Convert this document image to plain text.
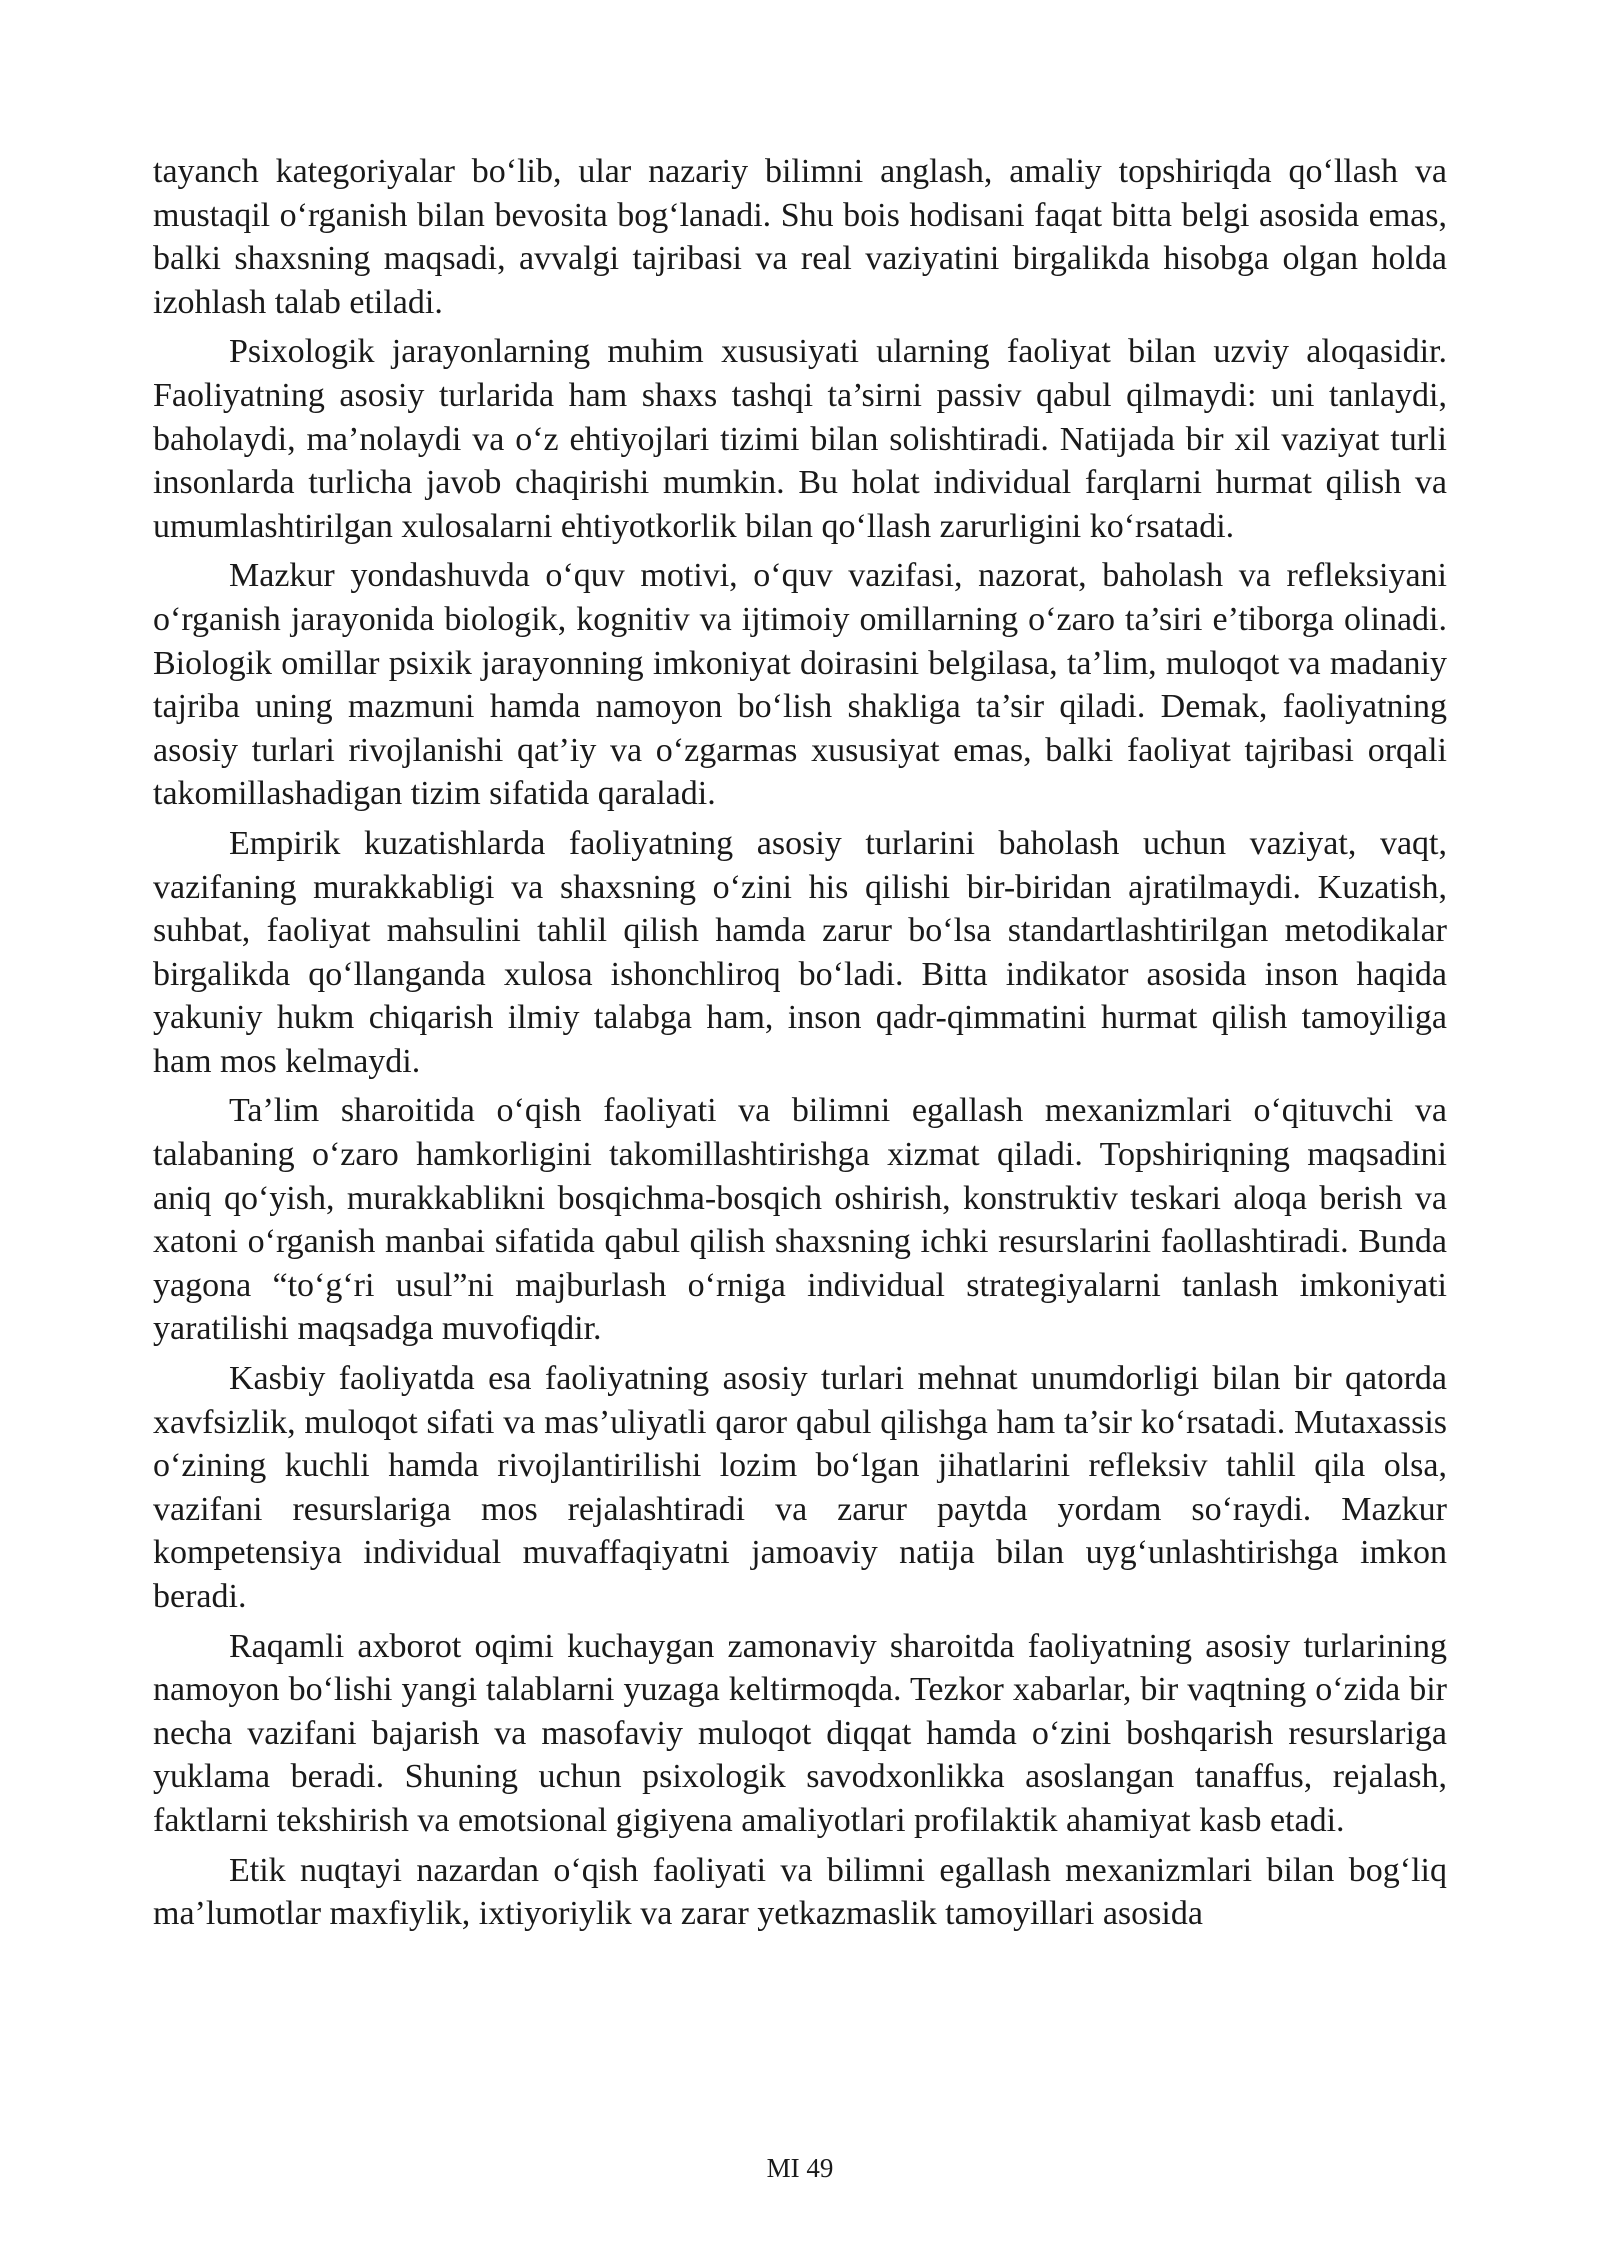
tayanch kategoriyalar bo‘lib, ular nazariy bilimni anglash, amaliy topshiriqda qo‘llash va mustaqil o‘rganish bilan bevosita bog‘lanadi. Shu bois hodisani faqat bitta belgi asosida emas, balki shaxsning maqsadi, avvalgi tajribasi va real vaziyatini birgalikda hisobga olgan holda izohlash talab etiladi.

Psixologik jarayonlarning muhim xususiyati ularning faoliyat bilan uzviy aloqasidir. Faoliyatning asosiy turlarida ham shaxs tashqi ta’sirni passiv qabul qilmaydi: uni tanlaydi, baholaydi, ma’nolaydi va o‘z ehtiyojlari tizimi bilan solishtiradi. Natijada bir xil vaziyat turli insonlarda turlicha javob chaqirishi mumkin. Bu holat individual farqlarni hurmat qilish va umumlashtirilgan xulosalarni ehtiyotkorlik bilan qo‘llash zarurligini ko‘rsatadi.

Mazkur yondashuvda o‘quv motivi, o‘quv vazifasi, nazorat, baholash va refleksiyani o‘rganish jarayonida biologik, kognitiv va ijtimoiy omillarning o‘zaro ta’siri e’tiborga olinadi. Biologik omillar psixik jarayonning imkoniyat doirasini belgilasa, ta’lim, muloqot va madaniy tajriba uning mazmuni hamda namoyon bo‘lish shakliga ta’sir qiladi. Demak, faoliyatning asosiy turlari rivojlanishi qat’iy va o‘zgarmas xususiyat emas, balki faoliyat tajribasi orqali takomillashadigan tizim sifatida qaraladi.

Empirik kuzatishlarda faoliyatning asosiy turlarini baholash uchun vaziyat, vaqt, vazifaning murakkabligi va shaxsning o‘zini his qilishi bir-biridan ajratilmaydi. Kuzatish, suhbat, faoliyat mahsulini tahlil qilish hamda zarur bo‘lsa standartlashtirilgan metodikalar birgalikda qo‘llanganda xulosa ishonchliroq bo‘ladi. Bitta indikator asosida inson haqida yakuniy hukm chiqarish ilmiy talabga ham, inson qadr-qimmatini hurmat qilish tamoyiliga ham mos kelmaydi.

Ta’lim sharoitida o‘qish faoliyati va bilimni egallash mexanizmlari o‘qituvchi va talabaning o‘zaro hamkorligini takomillashtirishga xizmat qiladi. Topshiriqning maqsadini aniq qo‘yish, murakkablikni bosqichma-bosqich oshirish, konstruktiv teskari aloqa berish va xatoni o‘rganish manbai sifatida qabul qilish shaxsning ichki resurslarini faollashtiradi. Bunda yagona “to‘g‘ri usul”ni majburlash o‘rniga individual strategiyalarni tanlash imkoniyati yaratilishi maqsadga muvofiqdir.

Kasbiy faoliyatda esa faoliyatning asosiy turlari mehnat unumdorligi bilan bir qatorda xavfsizlik, muloqot sifati va mas’uliyatli qaror qabul qilishga ham ta’sir ko‘rsatadi. Mutaxassis o‘zining kuchli hamda rivojlantirilishi lozim bo‘lgan jihatlarini refleksiv tahlil qila olsa, vazifani resurslariga mos rejalashtiradi va zarur paytda yordam so‘raydi. Mazkur kompetensiya individual muvaffaqiyatni jamoaviy natija bilan uyg‘unlashtirishga imkon beradi.

Raqamli axborot oqimi kuchaygan zamonaviy sharoitda faoliyatning asosiy turlarining namoyon bo‘lishi yangi talablarni yuzaga keltirmoqda. Tezkor xabarlar, bir vaqtning o‘zida bir necha vazifani bajarish va masofaviy muloqot diqqat hamda o‘zini boshqarish resurslariga yuklama beradi. Shuning uchun psixologik savodxonlikka asoslangan tanaffus, rejalash, faktlarni tekshirish va emotsional gigiyena amaliyotlari profilaktik ahamiyat kasb etadi.

Etik nuqtayi nazardan o‘qish faoliyati va bilimni egallash mexanizmlari bilan bog‘liq ma’lumotlar maxfiylik, ixtiyoriylik va zarar yetkazmaslik tamoyillari asosida

MI 49
